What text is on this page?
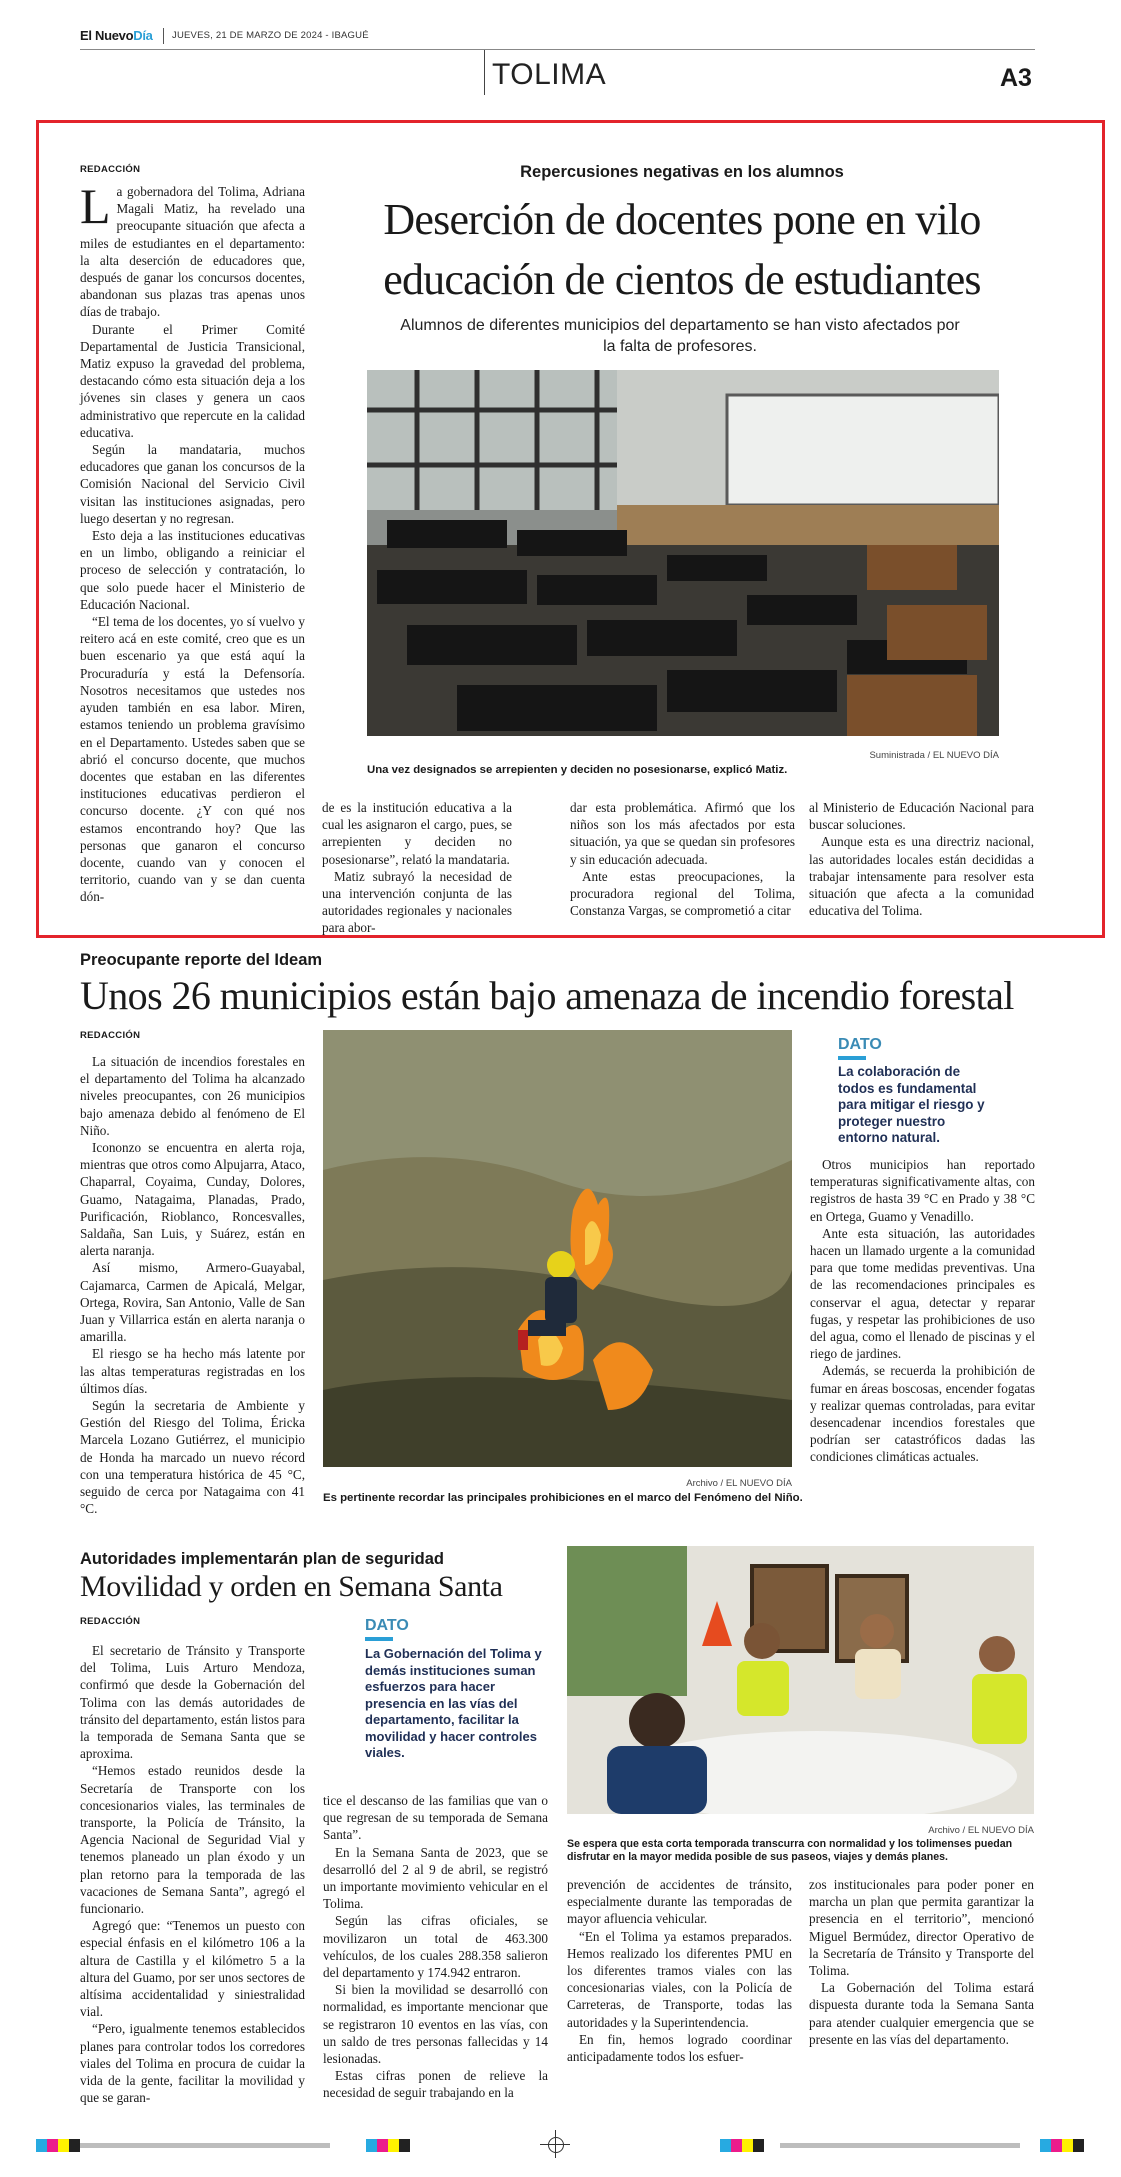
El NuevoDía JUEVES, 21 DE MARZO DE 2024 - IBAGUÉ
TOLIMA	A3
REDACCIÓN

La gobernadora del Tolima, Adriana Magali Matiz, ha revelado una preocupante situación que afecta a miles de estudiantes en el departamento: la alta deserción de educadores que, después de ganar los concursos docentes, abandonan sus plazas tras apenas unos días de trabajo.

Durante el Primer Comité Departamental de Justicia Transicional, Matiz expuso la gravedad del problema, destacando cómo esta situación deja a los jóvenes sin clases y genera un caos administrativo que repercute en la calidad educativa.

Según la mandataria, muchos educadores que ganan los concursos de la Comisión Nacional del Servicio Civil visitan las instituciones asignadas, pero luego desertan y no regresan.

Esto deja a las instituciones educativas en un limbo, obligando a reiniciar el proceso de selección y contratación, lo que solo puede hacer el Ministerio de Educación Nacional.

“El tema de los docentes, yo sí vuelvo y reitero acá en este comité, creo que es un buen escenario ya que está aquí la Procuraduría y está la Defensoría. Nosotros necesitamos que ustedes nos ayuden también en esa labor. Miren, estamos teniendo un problema gravísimo en el Departamento. Ustedes saben que se abrió el concurso docente, que muchos docentes que estaban en las diferentes instituciones educativas perdieron el concurso docente. ¿Y con qué nos estamos encontrando hoy? Que las personas que ganaron el concurso docente, cuando van y conocen el territorio, cuando van y se dan cuenta dón-

Repercusiones negativas en los alumnos
Deserción de docentes pone en vilo
educación de cientos de estudiantes
Alumnos de diferentes municipios del departamento se han visto afectados por
la falta de profesores.
Suministrada / EL NUEVO DÍA
Una vez designados se arrepienten y deciden no posesionarse, explicó Matiz.

de es la institución educativa a la cual les asignaron el cargo, pues, se arrepienten y deciden no posesionarse”, relató la mandataria.

Matiz subrayó la necesidad de una intervención conjunta de las autoridades regionales y nacionales para abor-

dar esta problemática. Afirmó que los niños son los más afectados por esta situación, ya que se quedan sin profesores y sin educación adecuada.

Ante estas preocupaciones, la procuradora regional del Tolima, Constanza Vargas, se comprometió a citar

al Ministerio de Educación Nacional para buscar soluciones.

Aunque esta es una directriz nacional, las autoridades locales están decididas a trabajar intensamente para resolver esta situación que afecta a la comunidad educativa del Tolima.

Preocupante reporte del Ideam
Unos 26 municipios están bajo amenaza de incendio forestal
REDACCIÓN

La situación de incendios forestales en el departamento del Tolima ha alcanzado niveles preocupantes, con 26 municipios bajo amenaza debido al fenómeno de El Niño.

Icononzo se encuentra en alerta roja, mientras que otros como Alpujarra, Ataco, Chaparral, Coyaima, Cunday, Dolores, Guamo, Natagaima, Planadas, Prado, Purificación, Rioblanco, Roncesvalles, Saldaña, San Luis, y Suárez, están en alerta naranja.

Así mismo, Armero-Guayabal, Cajamarca, Carmen de Apicalá, Melgar, Ortega, Rovira, San Antonio, Valle de San Juan y Villarrica están en alerta naranja o amarilla.

El riesgo se ha hecho más latente por las altas temperaturas registradas en los últimos días.

Según la secretaria de Ambiente y Gestión del Riesgo del Tolima, Éricka Marcela Lozano Gutiérrez, el municipio de Honda ha marcado un nuevo récord con una temperatura histórica de 45 °C, seguido de cerca por Natagaima con 41 °C.

Archivo / EL NUEVO DÍA
Es pertinente recordar las principales prohibiciones en el marco del Fenómeno del Niño.
DATO
La colaboración de todos es fundamental para mitigar el riesgo y proteger nuestro entorno natural.

Otros municipios han reportado temperaturas significativamente altas, con registros de hasta 39 °C en Prado y 38 °C en Ortega, Guamo y Venadillo.

Ante esta situación, las autoridades hacen un llamado urgente a la comunidad para que tome medidas preventivas. Una de las recomendaciones principales es conservar el agua, detectar y reparar fugas, y respetar las prohibiciones de uso del agua, como el llenado de piscinas y el riego de jardines.

Además, se recuerda la prohibición de fumar en áreas boscosas, encender fogatas y realizar quemas controladas, para evitar desencadenar incendios forestales que podrían ser catastróficos dadas las condiciones climáticas actuales.

Autoridades implementarán plan de seguridad
Movilidad y orden en Semana Santa
REDACCIÓN

El secretario de Tránsito y Transporte del Tolima, Luis Arturo Mendoza, confirmó que desde la Gobernación del Tolima con las demás autoridades de tránsito del departamento, están listos para la temporada de Semana Santa que se aproxima.

“Hemos estado reunidos desde la Secretaría de Transporte con los concesionarios viales, las terminales de transporte, la Policía de Tránsito, la Agencia Nacional de Seguridad Vial y tenemos planeado un plan éxodo y un plan retorno para la temporada de las vacaciones de Semana Santa”, agregó el funcionario.

Agregó que: “Tenemos un puesto con especial énfasis en el kilómetro 106 a la altura de Castilla y el kilómetro 5 a la altura del Guamo, por ser unos sectores de altísima accidentalidad y siniestralidad vial.

“Pero, igualmente tenemos establecidos planes para controlar todos los corredores viales del Tolima en procura de cuidar la vida de la gente, facilitar la movilidad y que se garan-

DATO
La Gobernación del Tolima y demás instituciones suman esfuerzos para hacer presencia en las vías del departamento, facilitar la movilidad y hacer controles viales.

tice el descanso de las familias que van o que regresan de su temporada de Semana Santa”.

En la Semana Santa de 2023, que se desarrolló del 2 al 9 de abril, se registró un importante movimiento vehicular en el Tolima.

Según las cifras oficiales, se movilizaron un total de 463.300 vehículos, de los cuales 288.358 salieron del departamento y 174.942 entraron.

Si bien la movilidad se desarrolló con normalidad, es importante mencionar que se registraron 10 eventos en las vías, con un saldo de tres personas fallecidas y 14 lesionadas.

Estas cifras ponen de relieve la necesidad de seguir trabajando en la

Archivo / EL NUEVO DÍA
Se espera que esta corta temporada transcurra con normalidad y los tolimenses puedan
disfrutar en la mayor medida posible de sus paseos, viajes y demás planes.

prevención de accidentes de tránsito, especialmente durante las temporadas de mayor afluencia vehicular.

“En el Tolima ya estamos preparados. Hemos realizado los diferentes PMU en los diferentes tramos viales con las concesionarias viales, con la Policía de Carreteras, de Transporte, todas las autoridades y la Superintendencia.

En fin, hemos logrado coordinar anticipadamente todos los esfuer-

zos institucionales para poder poner en marcha un plan que permita garantizar la presencia en el territorio”, mencionó Miguel Bermúdez, director Operativo de la Secretaría de Tránsito y Transporte del Tolima.

La Gobernación del Tolima estará dispuesta durante toda la Semana Santa para atender cualquier emergencia que se presente en las vías del departamento.
